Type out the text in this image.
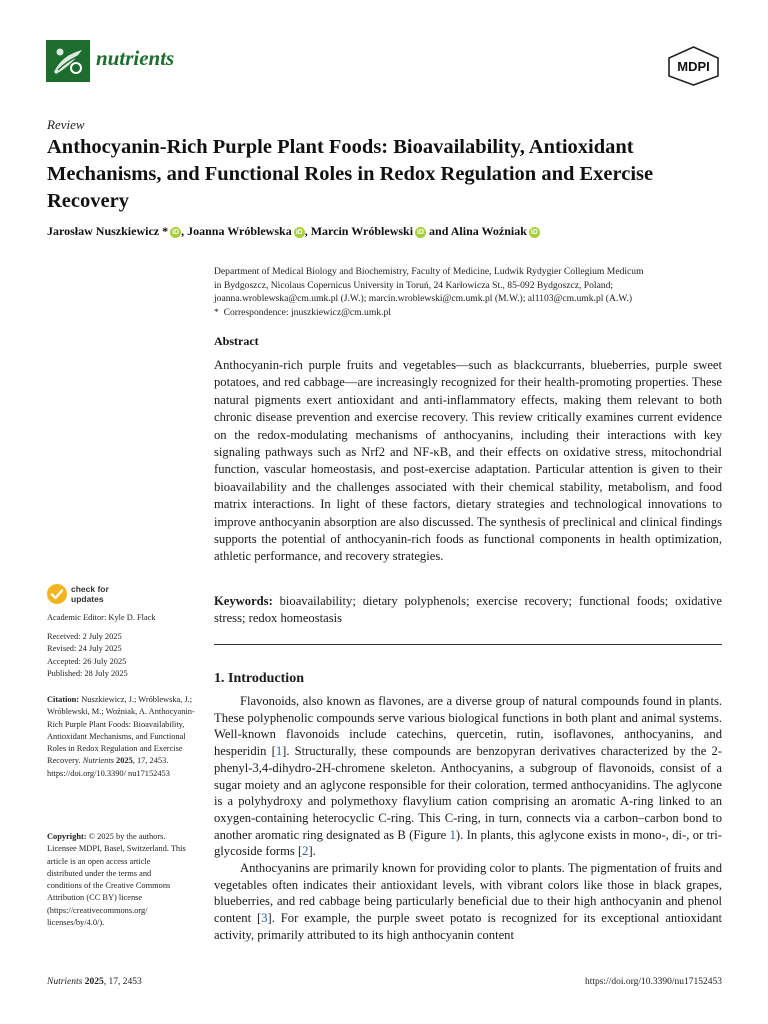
nutrients	MDPI
Review
Anthocyanin-Rich Purple Plant Foods: Bioavailability, Antioxidant Mechanisms, and Functional Roles in Redox Regulation and Exercise Recovery
Jarosław Nuszkiewicz * iD , Joanna Wróblewska iD , Marcin Wróblewski iD and Alina Woźniak iD
Department of Medical Biology and Biochemistry, Faculty of Medicine, Ludwik Rydygier Collegium Medicum
in Bydgoszcz, Nicolaus Copernicus University in Toruń, 24 Karłowicza St., 85-092 Bydgoszcz, Poland;
joanna.wroblewska@cm.umk.pl (J.W.); marcin.wroblewski@cm.umk.pl (M.W.); al1103@cm.umk.pl (A.W.)
* Correspondence: jnuszkiewicz@cm.umk.pl
Abstract
Anthocyanin-rich purple fruits and vegetables—such as blackcurrants, blueberries, purple sweet potatoes, and red cabbage—are increasingly recognized for their health-promoting properties. These natural pigments exert antioxidant and anti-inflammatory effects, making them relevant to both chronic disease prevention and exercise recovery. This review critically examines current evidence on the redox-modulating mechanisms of anthocyanins, including their interactions with key signaling pathways such as Nrf2 and NF-κB, and their effects on oxidative stress, mitochondrial function, vascular homeostasis, and post-exercise adaptation. Particular attention is given to their bioavailability and the challenges associated with their chemical stability, metabolism, and food matrix interactions. In light of these factors, dietary strategies and technological innovations to improve anthocyanin absorption are also discussed. The synthesis of preclinical and clinical findings supports the potential of anthocyanin-rich foods as functional components in health optimization, athletic performance, and recovery strategies.
Keywords: bioavailability; dietary polyphenols; exercise recovery; functional foods; oxidative stress; redox homeostasis
1. Introduction

Flavonoids, also known as flavones, are a diverse group of natural compounds found in plants. These polyphenolic compounds serve various biological functions in both plant and animal systems. Well-known flavonoids include catechins, quercetin, rutin, isoflavones, anthocyanins, and hesperidin [1]. Structurally, these compounds are benzopyran derivatives characterized by the 2-phenyl-3,4-dihydro-2H-chromene skeleton. Anthocyanins, a subgroup of flavonoids, consist of a sugar moiety and an aglycone responsible for their coloration, termed anthocyanidins. The aglycone is a polyhydroxy and polymethoxy flavylium cation comprising an aromatic A-ring linked to an oxygen-containing heterocyclic C-ring. This C-ring, in turn, connects via a carbon–carbon bond to another aromatic ring designated as B (Figure 1). In plants, this aglycone exists in mono-, di-, or tri-glycoside forms [2].

Anthocyanins are primarily known for providing color to plants. The pigmentation of fruits and vegetables often indicates their antioxidant levels, with vibrant colors like those in black grapes, blueberries, and red cabbage being particularly beneficial due to their high anthocyanin and phenol content [3]. For example, the purple sweet potato is recognized for its exceptional antioxidant activity, primarily attributed to its high anthocyanin content

check for
updates
Academic Editor: Kyle D. Flack
Received: 2 July 2025
Revised: 24 July 2025
Accepted: 26 July 2025
Published: 28 July 2025
Citation: Nuszkiewicz, J.; Wróblewska, J.; Wróblewski, M.; Woźniak, A. Anthocyanin-Rich Purple Plant Foods: Bioavailability, Antioxidant Mechanisms, and Functional Roles in Redox Regulation and Exercise Recovery. Nutrients 2025, 17, 2453. https://doi.org/10.3390/ nu17152453
Copyright: © 2025 by the authors. Licensee MDPI, Basel, Switzerland. This article is an open access article distributed under the terms and conditions of the Creative Commons Attribution (CC BY) license (https://creativecommons.org/ licenses/by/4.0/).
Nutrients 2025, 17, 2453	https://doi.org/10.3390/nu17152453
